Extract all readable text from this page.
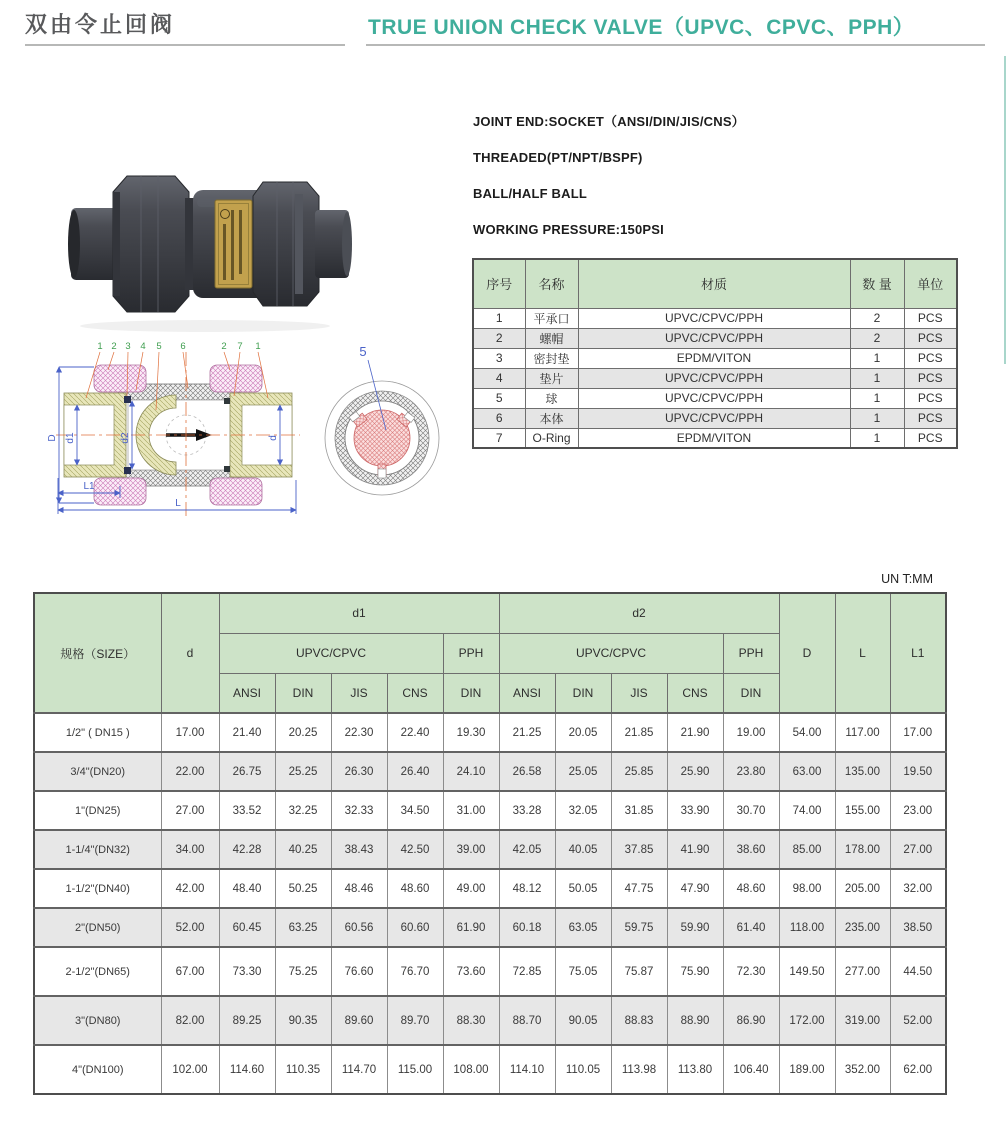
双由令止回阀	TRUE UNION CHECK VALVE（UPVC、CPVC、PPH）
JOINT END:SOCKET（ANSI/DIN/JIS/CNS）
THREADED(PT/NPT/BSPF)
BALL/HALF BALL
WORKING PRESSURE:150PSI
序号	名称	材质	数 量	单位
1	平承口	UPVC/CPVC/PPH	2	PCS
2	螺帽	UPVC/CPVC/PPH	2	PCS
3	密封垫	EPDM/VITON	1	PCS
4	垫片	UPVC/CPVC/PPH	1	PCS
5	球	UPVC/CPVC/PPH	1	PCS
6	本体	UPVC/CPVC/PPH	1	PCS
7	O-Ring	EPDM/VITON	1	PCS
D d1	d2	d
L1
L
1 2 3 4 5 6	2 7 1	5
UN T:MM
规格（SIZE）	d	d1					d2					D	L	L1
		UPVC/CPVC				PPH	UPVC/CPVC				PPH			
		ANSI	DIN	JIS	CNS	DIN	ANSI	DIN	JIS	CNS	DIN			
1/2" ( DN15 )	17.00	21.40	20.25	22.30	22.40	19.30	21.25	20.05	21.85	21.90	19.00	54.00	117.00	17.00
3/4"(DN20)	22.00	26.75	25.25	26.30	26.40	24.10	26.58	25.05	25.85	25.90	23.80	63.00	135.00	19.50
1"(DN25)	27.00	33.52	32.25	32.33	34.50	31.00	33.28	32.05	31.85	33.90	30.70	74.00	155.00	23.00
1-1/4"(DN32)	34.00	42.28	40.25	38.43	42.50	39.00	42.05	40.05	37.85	41.90	38.60	85.00	178.00	27.00
1-1/2"(DN40)	42.00	48.40	50.25	48.46	48.60	49.00	48.12	50.05	47.75	47.90	48.60	98.00	205.00	32.00
2"(DN50)	52.00	60.45	63.25	60.56	60.60	61.90	60.18	63.05	59.75	59.90	61.40	118.00	235.00	38.50
2-1/2"(DN65)	67.00	73.30	75.25	76.60	76.70	73.60	72.85	75.05	75.87	75.90	72.30	149.50	277.00	44.50
3"(DN80)	82.00	89.25	90.35	89.60	89.70	88.30	88.70	90.05	88.83	88.90	86.90	172.00	319.00	52.00
4"(DN100)	102.00	114.60	110.35	114.70	115.00	108.00	114.10	110.05	113.98	113.80	106.40	189.00	352.00	62.00
